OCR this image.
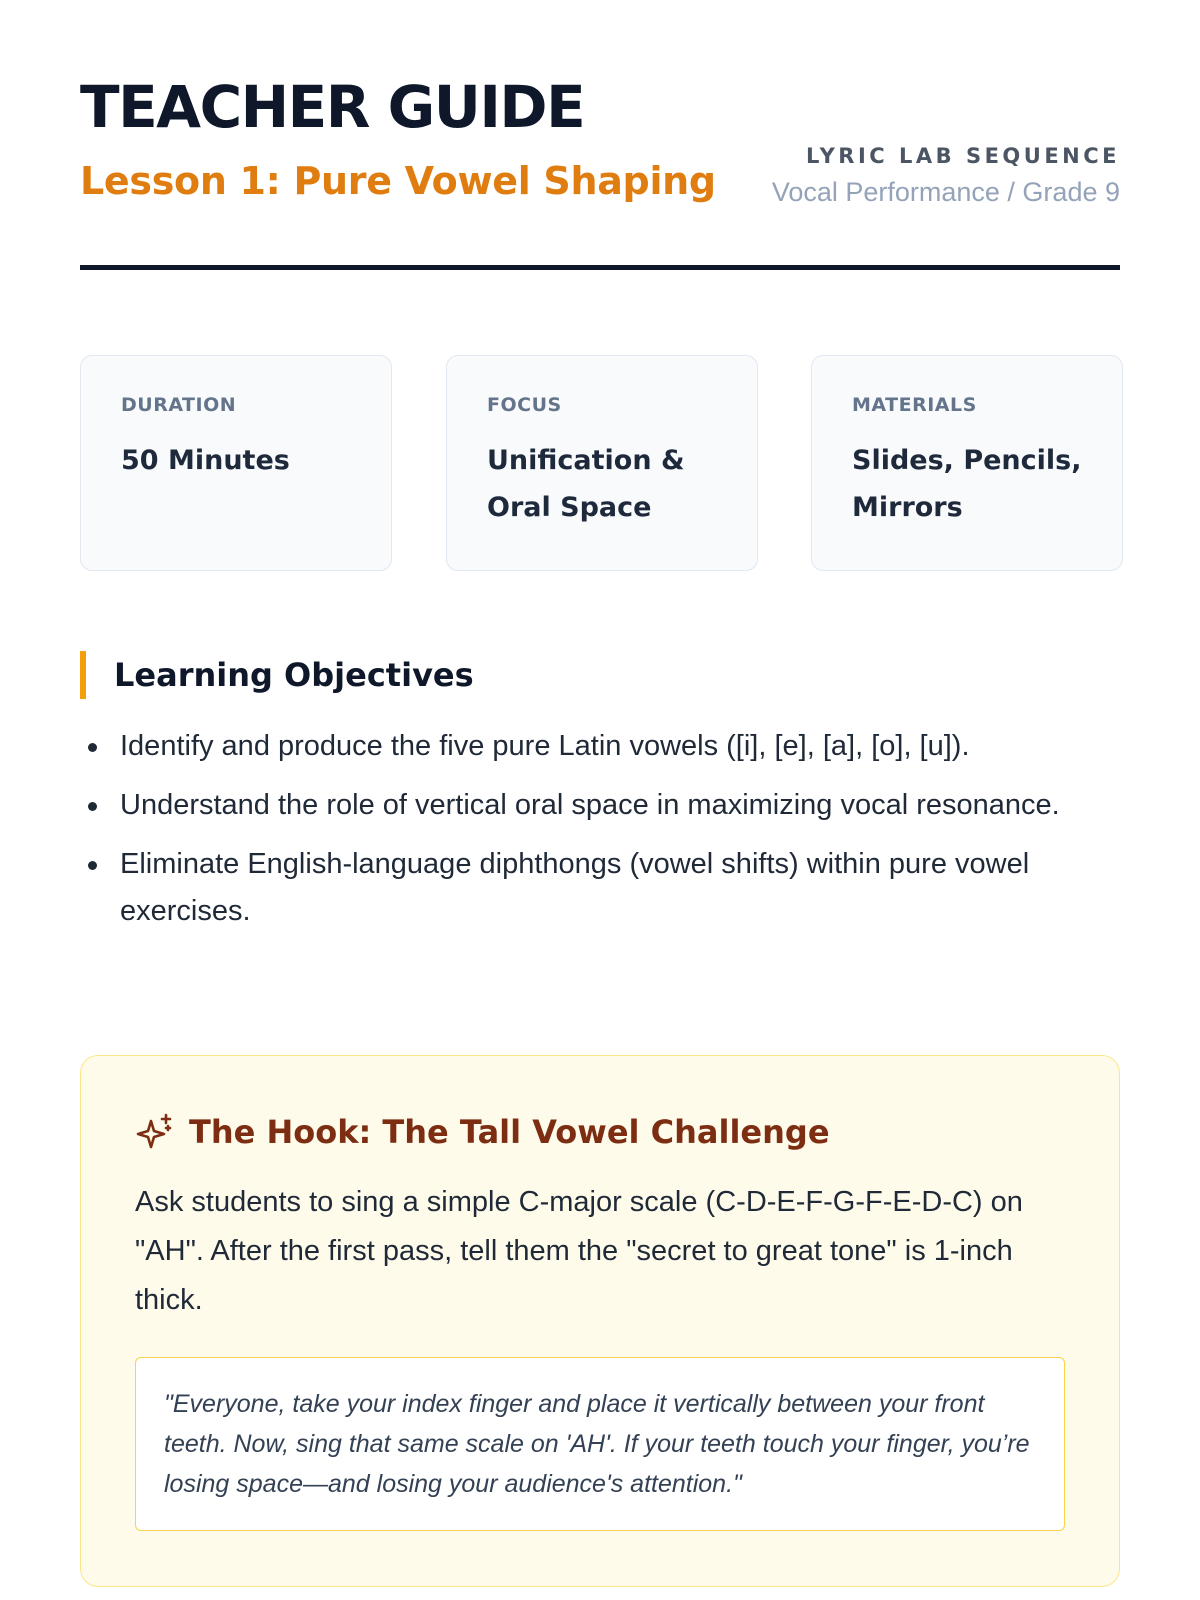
TEACHER GUIDE
Lesson 1: Pure Vowel Shaping
LYRIC LAB SEQUENCE
Vocal Performance / Grade 9
DURATION
50 Minutes
FOCUS
Unification & Oral Space
MATERIALS
Slides, Pencils, Mirrors
Learning Objectives
Identify and produce the five pure Latin vowels ([i], [e], [a], [o], [u]).
Understand the role of vertical oral space in maximizing vocal resonance.
Eliminate English-language diphthongs (vowel shifts) within pure vowel exercises.
The Hook: The Tall Vowel Challenge

Ask students to sing a simple C-major scale (C-D-E-F-G-F-E-D-C) on "AH". After the first pass, tell them the "secret to great tone" is 1-inch thick.

"Everyone, take your index finger and place it vertically between your front teeth. Now, sing that same scale on 'AH'. If your teeth touch your finger, you’re losing space—and losing your audience's attention."
